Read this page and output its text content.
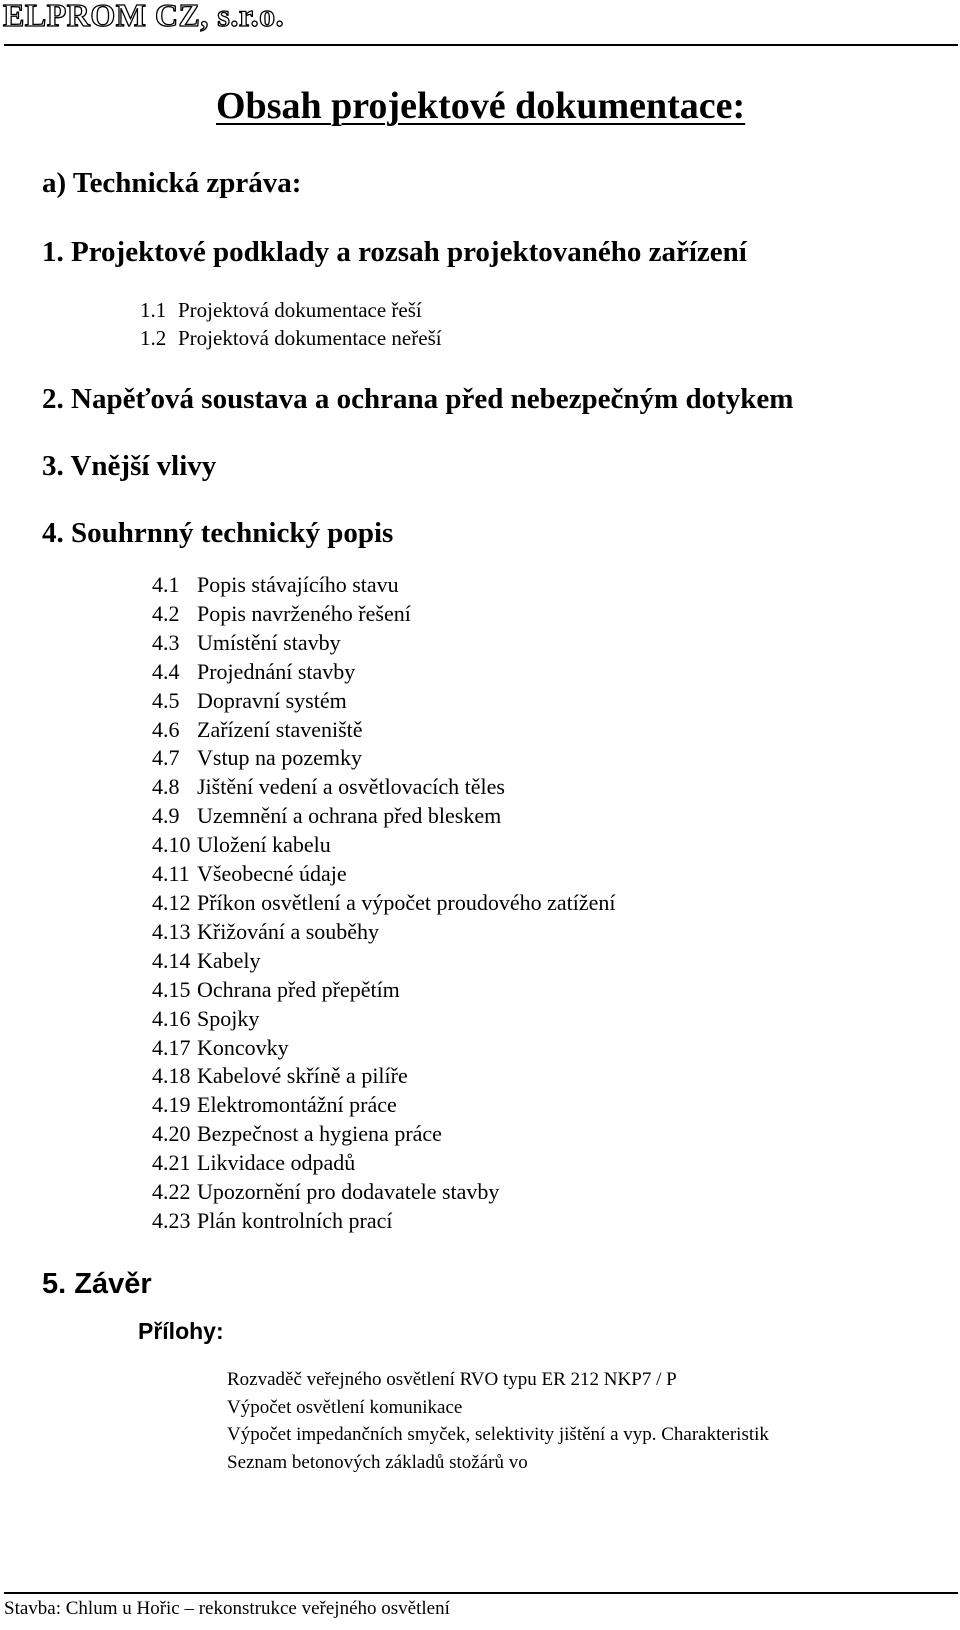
ELPROM CZ, s.r.o.
Obsah projektové dokumentace:
a) Technická zpráva:
1. Projektové podklady a rozsah projektovaného zařízení
1.1 Projektová dokumentace řeší
1.2 Projektová dokumentace neřeší
2. Napěťová soustava a ochrana před nebezpečným dotykem
3. Vnější vlivy
4. Souhrnný technický popis
4.1 Popis stávajícího stavu
4.2 Popis navrženého řešení
4.3 Umístění stavby
4.4 Projednání stavby
4.5 Dopravní systém
4.6 Zařízení staveniště
4.7 Vstup na pozemky
4.8 Jištění vedení a osvětlovacích těles
4.9 Uzemnění a ochrana před bleskem
4.10 Uložení kabelu
4.11 Všeobecné údaje
4.12 Příkon osvětlení a výpočet proudového zatížení
4.13 Křižování a souběhy
4.14 Kabely
4.15 Ochrana před přepětím
4.16 Spojky
4.17 Koncovky
4.18 Kabelové skříně a pilíře
4.19 Elektromontážní práce
4.20 Bezpečnost a hygiena práce
4.21 Likvidace odpadů
4.22 Upozornění pro dodavatele stavby
4.23 Plán kontrolních prací
5. Závěr
Přílohy:
Rozvaděč veřejného osvětlení RVO typu ER 212 NKP7 / P
Výpočet osvětlení komunikace
Výpočet impedančních smyček, selektivity jištění a vyp. Charakteristik
Seznam betonových základů stožárů vo
Stavba: Chlum u Hořic – rekonstrukce veřejného osvětlení
